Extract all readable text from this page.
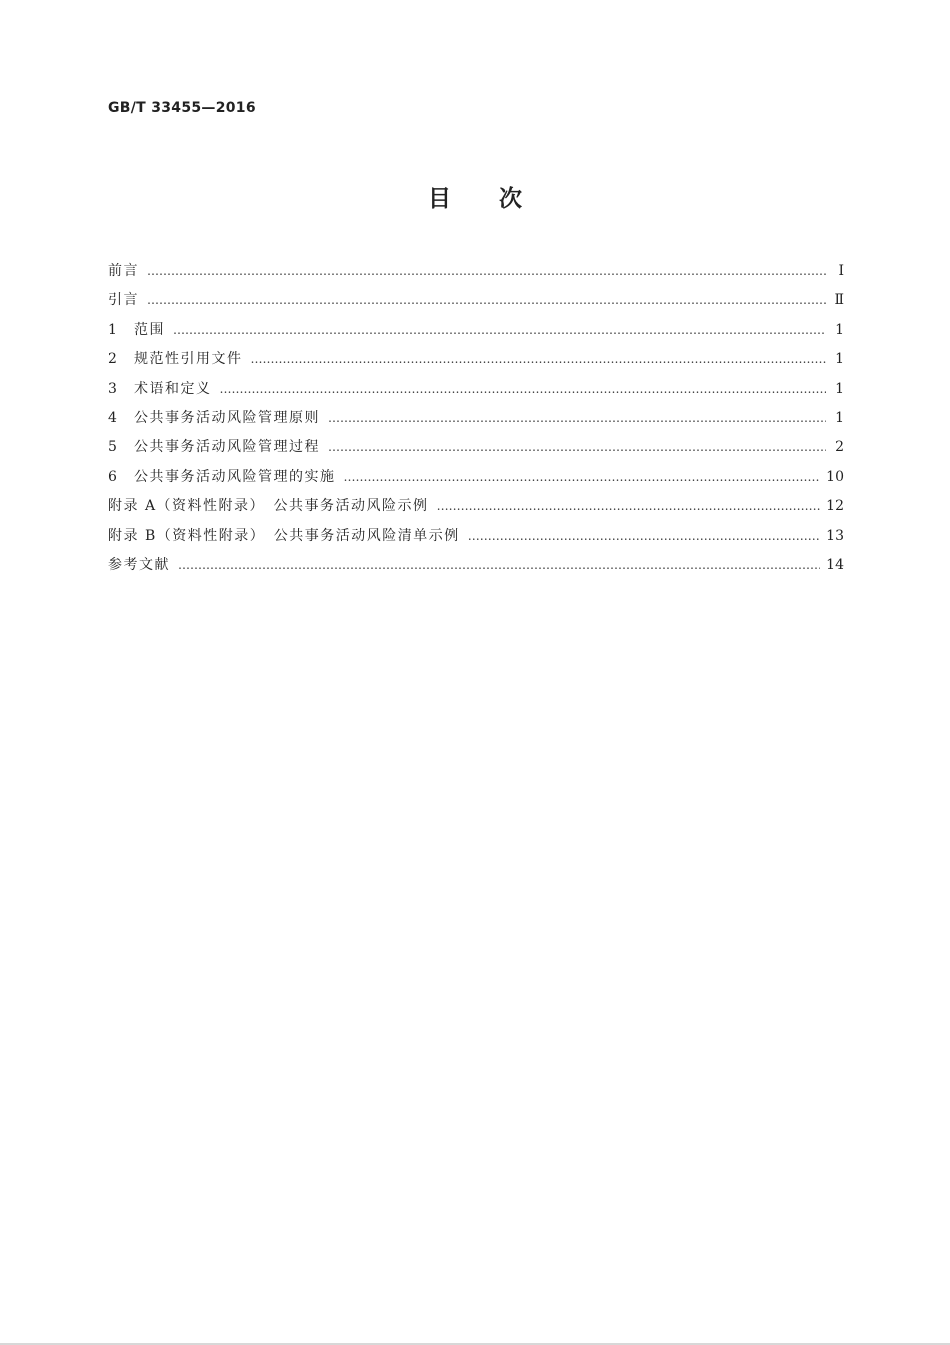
GB/T 33455—2016
目 次
前言 …………………………………………………………………………………………………………………………………………………………………………………………	Ⅰ
引言 …………………………………………………………………………………………………………………………………………………………………………………………	Ⅱ
1	范围 …………………………………………………………………………………………………………………………………………………………………………………………	1
2	规范性引用文件 …………………………………………………………………………………………………………………………………………………………………………………………	1
3	术语和定义 …………………………………………………………………………………………………………………………………………………………………………………………	1
4	公共事务活动风险管理原则 …………………………………………………………………………………………………………………………………………………………………………………………	1
5	公共事务活动风险管理过程 …………………………………………………………………………………………………………………………………………………………………………………………	2
6	公共事务活动风险管理的实施 …………………………………………………………………………………………………………………………………………………………………………………………	10
附录 A（资料性附录）　公共事务活动风险示例 …………………………………………………………………………………………………………………………………………………………………………………………	12
附录 B（资料性附录）　公共事务活动风险清单示例 …………………………………………………………………………………………………………………………………………………………………………………………	13
参考文献 …………………………………………………………………………………………………………………………………………………………………………………………	14
